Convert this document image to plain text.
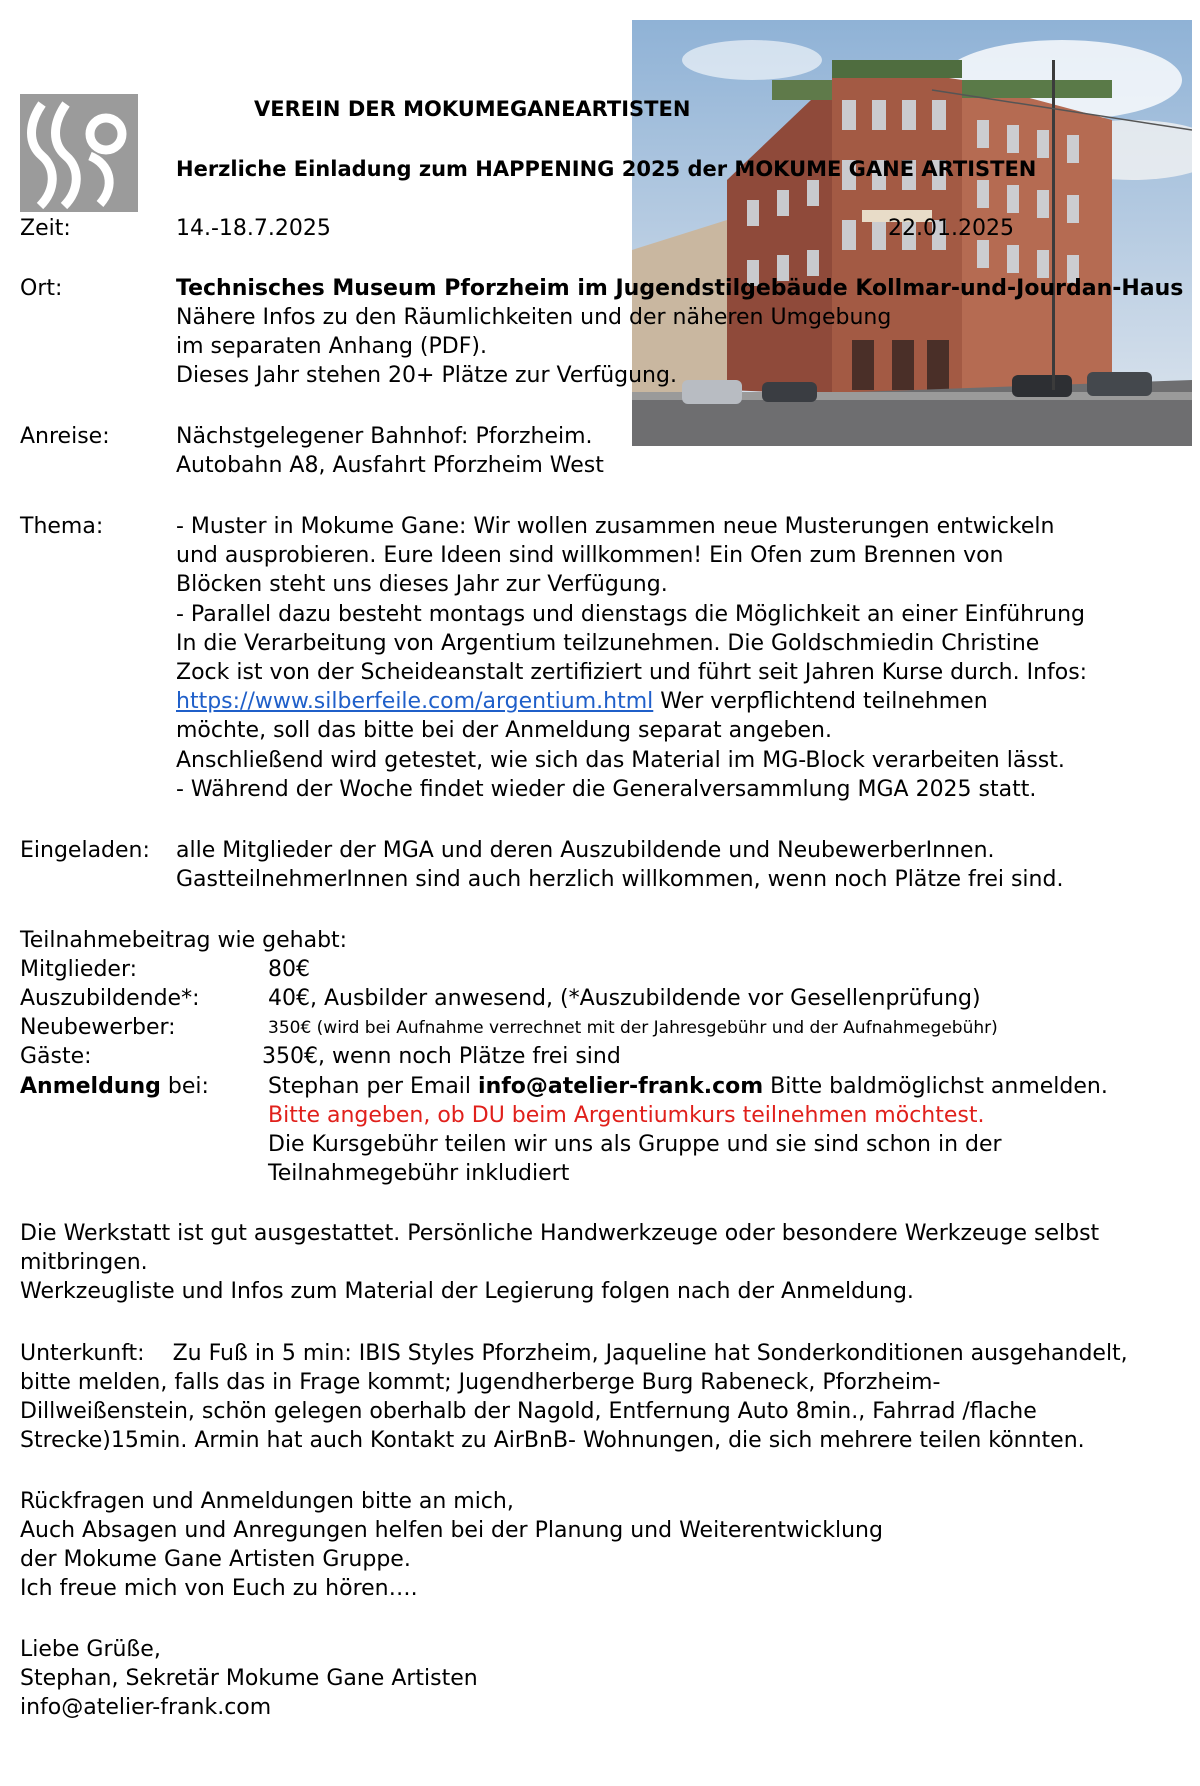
VEREIN DER MOKUMEGANEARTISTEN
Herzliche Einladung zum HAPPENING 2025 der MOKUME GANE ARTISTEN
Zeit:	14.-18.7.2025	22.01.2025
Ort:	Technisches Museum Pforzheim im Jugendstilgebäude Kollmar-und-Jourdan-Haus
Nähere Infos zu den Räumlichkeiten und der näheren Umgebung
im separaten Anhang (PDF).
Dieses Jahr stehen 20+ Plätze zur Verfügung.
Anreise:	Nächstgelegener Bahnhof: Pforzheim.
Autobahn A8, Ausfahrt Pforzheim West
Thema:	- Muster in Mokume Gane: Wir wollen zusammen neue Musterungen entwickeln
und ausprobieren. Eure Ideen sind willkommen! Ein Ofen zum Brennen von
Blöcken steht uns dieses Jahr zur Verfügung.
- Parallel dazu besteht montags und dienstags die Möglichkeit an einer Einführung
In die Verarbeitung von Argentium teilzunehmen. Die Goldschmiedin Christine
Zock ist von der Scheideanstalt zertifiziert und führt seit Jahren Kurse durch. Infos:
https://www.silberfeile.com/argentium.html Wer verpflichtend teilnehmen
möchte, soll das bitte bei der Anmeldung separat angeben.
Anschließend wird getestet, wie sich das Material im MG-Block verarbeiten lässt.
- Während der Woche findet wieder die Generalversammlung MGA 2025 statt.
Eingeladen: alle Mitglieder der MGA und deren Auszubildende und NeubewerberInnen.
GastteilnehmerInnen sind auch herzlich willkommen, wenn noch Plätze frei sind.
Teilnahmebeitrag wie gehabt:
Mitglieder:	80€
Auszubildende*:	40€, Ausbilder anwesend, (*Auszubildende vor Gesellenprüfung)
Neubewerber:	350€ (wird bei Aufnahme verrechnet mit der Jahresgebühr und der Aufnahmegebühr)
Gäste:	350€, wenn noch Plätze frei sind
Anmeldung bei:	Stephan per Email info@atelier-frank.com Bitte baldmöglichst anmelden.
Bitte angeben, ob DU beim Argentiumkurs teilnehmen möchtest.
Die Kursgebühr teilen wir uns als Gruppe und sie sind schon in der
Teilnahmegebühr inkludiert
Die Werkstatt ist gut ausgestattet. Persönliche Handwerkzeuge oder besondere Werkzeuge selbst
mitbringen.
Werkzeugliste und Infos zum Material der Legierung folgen nach der Anmeldung.
Unterkunft:    Zu Fuß in 5 min: IBIS Styles Pforzheim, Jaqueline hat Sonderkonditionen ausgehandelt,
bitte melden, falls das in Frage kommt; Jugendherberge Burg Rabeneck, Pforzheim-
Dillweißenstein, schön gelegen oberhalb der Nagold, Entfernung Auto 8min., Fahrrad /flache
Strecke)15min. Armin hat auch Kontakt zu AirBnB- Wohnungen, die sich mehrere teilen könnten.
Rückfragen und Anmeldungen bitte an mich,
Auch Absagen und Anregungen helfen bei der Planung und Weiterentwicklung
der Mokume Gane Artisten Gruppe.
Ich freue mich von Euch zu hören….
Liebe Grüße,
Stephan, Sekretär Mokume Gane Artisten
info@atelier-frank.com
